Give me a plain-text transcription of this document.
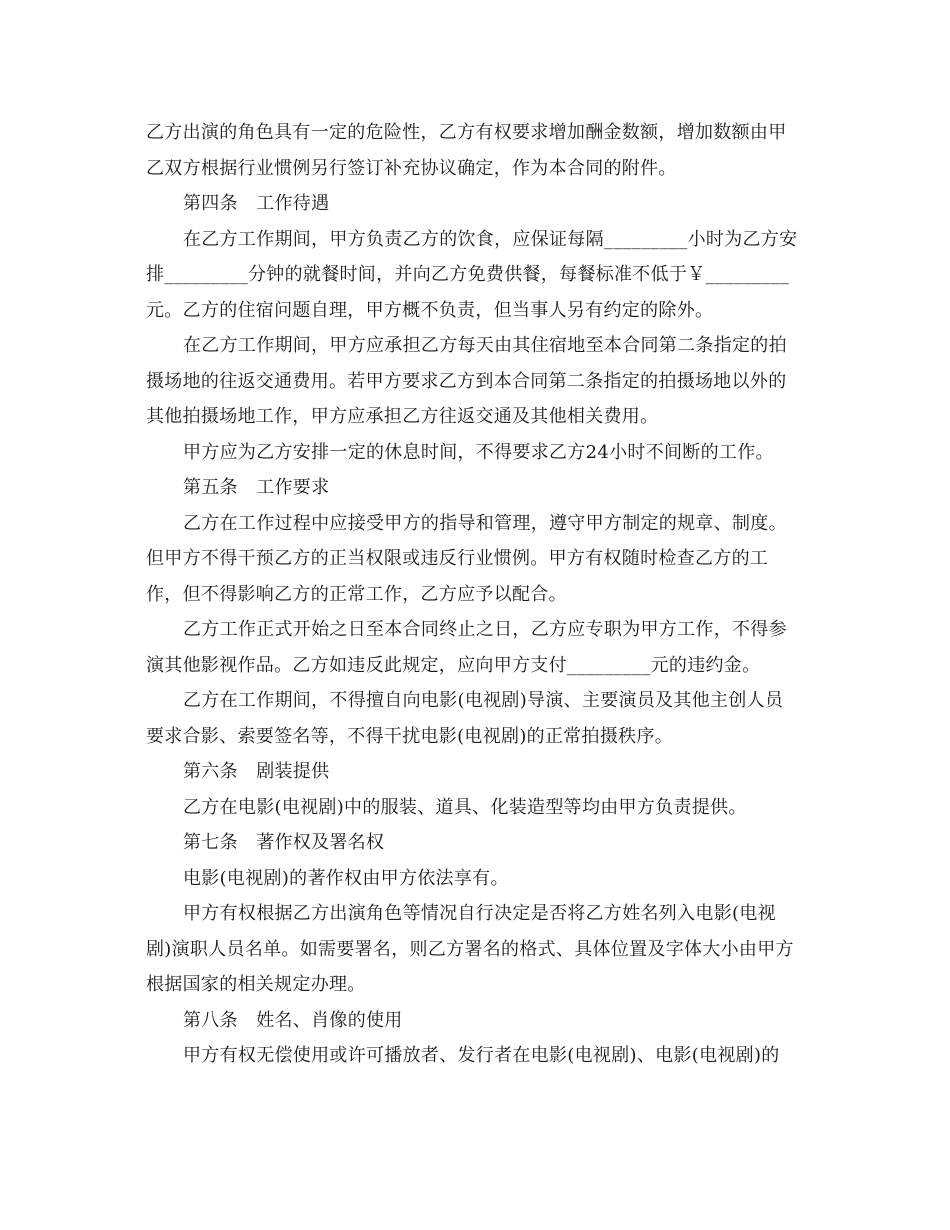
乙方出演的角色具有一定的危险性，乙方有权要求增加酬金数额，增加数额由甲
乙双方根据行业惯例另行签订补充协议确定，作为本合同的附件。
第四条　工作待遇
在乙方工作期间，甲方负责乙方的饮食，应保证每隔_________小时为乙方安
排_________分钟的就餐时间，并向乙方免费供餐，每餐标准不低于￥_________
元。乙方的住宿问题自理，甲方概不负责，但当事人另有约定的除外。
在乙方工作期间，甲方应承担乙方每天由其住宿地至本合同第二条指定的拍
摄场地的往返交通费用。若甲方要求乙方到本合同第二条指定的拍摄场地以外的
其他拍摄场地工作，甲方应承担乙方往返交通及其他相关费用。
甲方应为乙方安排一定的休息时间，不得要求乙方24小时不间断的工作。
第五条　工作要求
乙方在工作过程中应接受甲方的指导和管理，遵守甲方制定的规章、制度。
但甲方不得干预乙方的正当权限或违反行业惯例。甲方有权随时检查乙方的工
作，但不得影响乙方的正常工作，乙方应予以配合。
乙方工作正式开始之日至本合同终止之日，乙方应专职为甲方工作，不得参
演其他影视作品。乙方如违反此规定，应向甲方支付_________元的违约金。
乙方在工作期间，不得擅自向电影(电视剧)导演、主要演员及其他主创人员
要求合影、索要签名等，不得干扰电影(电视剧)的正常拍摄秩序。
第六条　剧装提供
乙方在电影(电视剧)中的服装、道具、化装造型等均由甲方负责提供。
第七条　著作权及署名权
电影(电视剧)的著作权由甲方依法享有。
甲方有权根据乙方出演角色等情况自行决定是否将乙方姓名列入电影(电视
剧)演职人员名单。如需要署名，则乙方署名的格式、具体位置及字体大小由甲方
根据国家的相关规定办理。
第八条　姓名、肖像的使用
甲方有权无偿使用或许可播放者、发行者在电影(电视剧)、电影(电视剧)的
